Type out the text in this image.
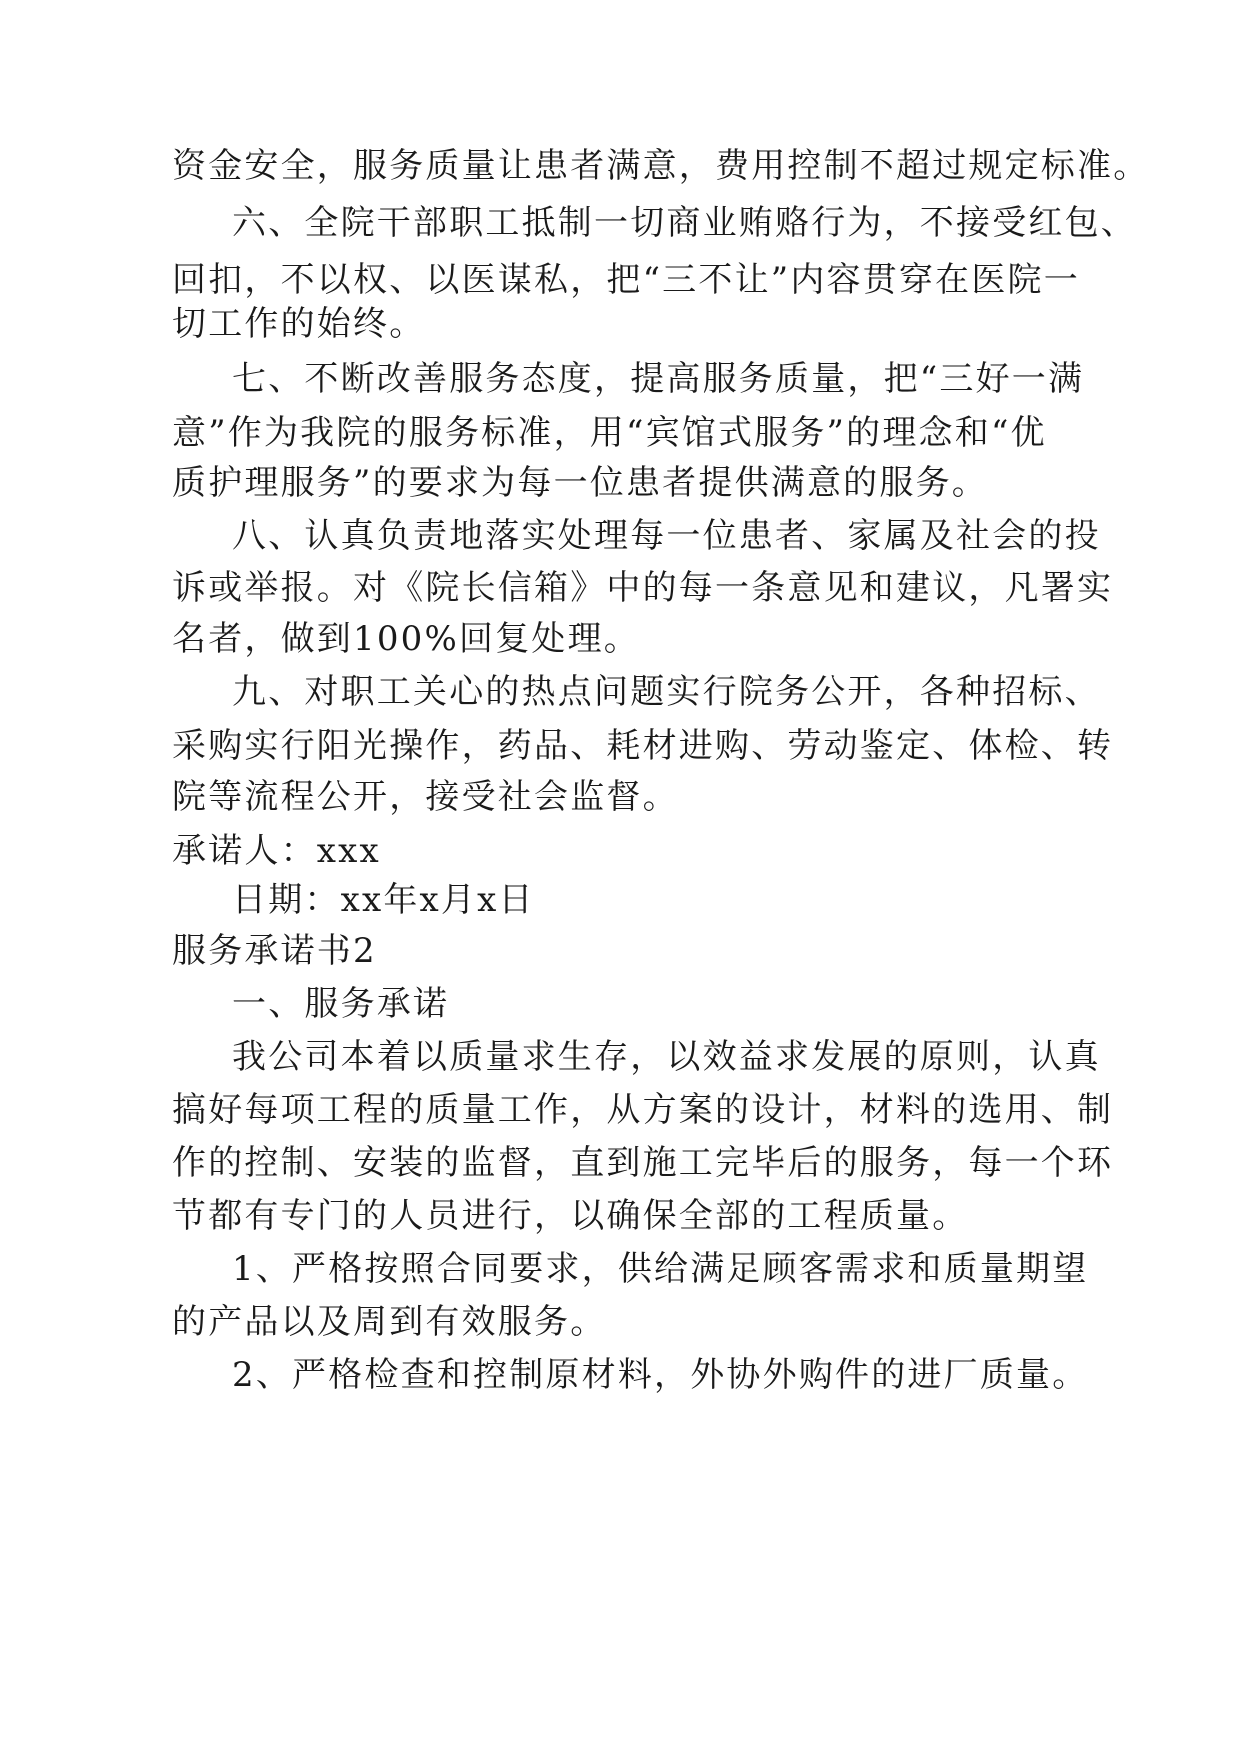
资金安全，服务质量让患者满意，费用控制不超过规定标准。
六、全院干部职工抵制一切商业贿赂行为，不接受红包、
回扣，不以权、以医谋私，把“三不让”内容贯穿在医院一
切工作的始终。
七、不断改善服务态度，提高服务质量，把“三好一满
意”作为我院的服务标准，用“宾馆式服务”的理念和“优
质护理服务”的要求为每一位患者提供满意的服务。
八、认真负责地落实处理每一位患者、家属及社会的投
诉或举报。对《院长信箱》中的每一条意见和建议，凡署实
名者，做到100%回复处理。
九、对职工关心的热点问题实行院务公开，各种招标、
采购实行阳光操作，药品、耗材进购、劳动鉴定、体检、转
院等流程公开，接受社会监督。
承诺人：xxx
日期：xx年x月x日
服务承诺书2
一、服务承诺
我公司本着以质量求生存，以效益求发展的原则，认真
搞好每项工程的质量工作，从方案的设计，材料的选用、制
作的控制、安装的监督，直到施工完毕后的服务，每一个环
节都有专门的人员进行，以确保全部的工程质量。
1、严格按照合同要求，供给满足顾客需求和质量期望
的产品以及周到有效服务。
2、严格检查和控制原材料，外协外购件的进厂质量。
